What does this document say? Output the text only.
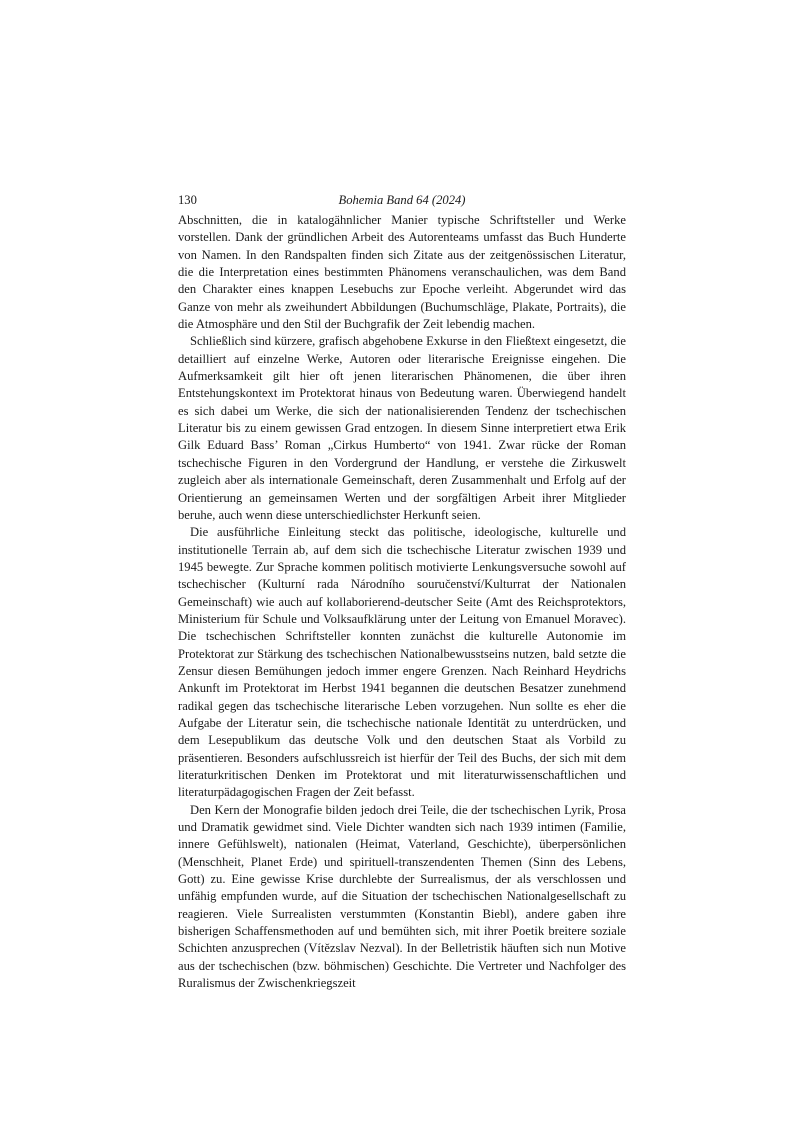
130	Bohemia Band 64 (2024)

Abschnitten, die in katalogähnlicher Manier typische Schriftsteller und Werke vorstellen. Dank der gründlichen Arbeit des Autorenteams umfasst das Buch Hunderte von Namen. In den Randspalten finden sich Zitate aus der zeitgenössischen Literatur, die die Interpretation eines bestimmten Phänomens veranschaulichen, was dem Band den Charakter eines knappen Lesebuchs zur Epoche verleiht. Abgerundet wird das Ganze von mehr als zweihundert Abbildungen (Buchumschläge, Plakate, Portraits), die die Atmosphäre und den Stil der Buchgrafik der Zeit lebendig machen.

Schließlich sind kürzere, grafisch abgehobene Exkurse in den Fließtext eingesetzt, die detailliert auf einzelne Werke, Autoren oder literarische Ereignisse eingehen. Die Aufmerksamkeit gilt hier oft jenen literarischen Phänomenen, die über ihren Entstehungskontext im Protektorat hinaus von Bedeutung waren. Überwiegend handelt es sich dabei um Werke, die sich der nationalisierenden Tendenz der tschechischen Literatur bis zu einem gewissen Grad entzogen. In diesem Sinne interpretiert etwa Erik Gilk Eduard Bass’ Roman „Cirkus Humberto“ von 1941. Zwar rücke der Roman tschechische Figuren in den Vordergrund der Handlung, er verstehe die Zirkuswelt zugleich aber als internationale Gemeinschaft, deren Zusammenhalt und Erfolg auf der Orientierung an gemeinsamen Werten und der sorgfältigen Arbeit ihrer Mitglieder beruhe, auch wenn diese unterschiedlichster Herkunft seien.

Die ausführliche Einleitung steckt das politische, ideologische, kulturelle und institutionelle Terrain ab, auf dem sich die tschechische Literatur zwischen 1939 und 1945 bewegte. Zur Sprache kommen politisch motivierte Lenkungsversuche sowohl auf tschechischer (Kulturní rada Národního souručenství/Kulturrat der Nationalen Gemeinschaft) wie auch auf kollaborierend-deutscher Seite (Amt des Reichsprotektors, Ministerium für Schule und Volksaufklärung unter der Leitung von Emanuel Moravec). Die tschechischen Schriftsteller konnten zunächst die kulturelle Autonomie im Protektorat zur Stärkung des tschechischen Nationalbewusstseins nutzen, bald setzte die Zensur diesen Bemühungen jedoch immer engere Grenzen. Nach Reinhard Heydrichs Ankunft im Protektorat im Herbst 1941 begannen die deutschen Besatzer zunehmend radikal gegen das tschechische literarische Leben vorzugehen. Nun sollte es eher die Aufgabe der Literatur sein, die tschechische nationale Identität zu unterdrücken, und dem Lesepublikum das deutsche Volk und den deutschen Staat als Vorbild zu präsentieren. Besonders aufschlussreich ist hierfür der Teil des Buchs, der sich mit dem literaturkritischen Denken im Protektorat und mit literaturwissenschaftlichen und literaturpädagogischen Fragen der Zeit befasst.

Den Kern der Monografie bilden jedoch drei Teile, die der tschechischen Lyrik, Prosa und Dramatik gewidmet sind. Viele Dichter wandten sich nach 1939 intimen (Familie, innere Gefühlswelt), nationalen (Heimat, Vaterland, Geschichte), überpersönlichen (Menschheit, Planet Erde) und spirituell-transzendenten Themen (Sinn des Lebens, Gott) zu. Eine gewisse Krise durchlebte der Surrealismus, der als verschlossen und unfähig empfunden wurde, auf die Situation der tschechischen Nationalgesellschaft zu reagieren. Viele Surrealisten verstummten (Konstantin Biebl), andere gaben ihre bisherigen Schaffensmethoden auf und bemühten sich, mit ihrer Poetik breitere soziale Schichten anzusprechen (Vítězslav Nezval). In der Belletristik häuften sich nun Motive aus der tschechischen (bzw. böhmischen) Geschichte. Die Vertreter und Nachfolger des Ruralismus der Zwischenkriegszeit
